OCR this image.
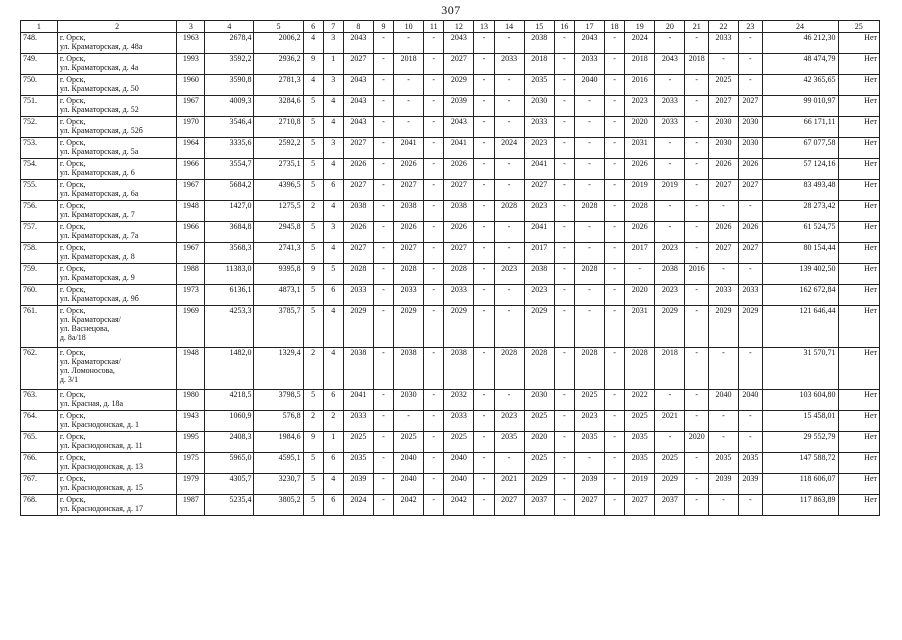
307
1	2	3	4	5	6	7	8	9	10	11	12	13	14	15	16	17	18	19	20	21	22	23	24	25
748.	г. Орск,
ул. Краматорская, д. 48а	1963	2678,4	2006,2	4	3	2043	-	-	-	2043	-	-	2038	-	2043	-	2024	-	-	2033	-	46 212,30	Нет
749.	г. Орск,
ул. Краматорская, д. 4а	1993	3592,2	2936,2	9	1	2027	-	2018	-	2027	-	2033	2018	-	2033	-	2018	2043	2018	-	-	48 474,79	Нет
750.	г. Орск,
ул. Краматорская, д. 50	1960	3590,8	2781,3	4	3	2043	-	-	-	2029	-	-	2035	-	2040	-	2016	-	-	2025	-	42 365,65	Нет
751.	г. Орск,
ул. Краматорская, д. 52	1967	4009,3	3284,6	5	4	2043	-	-	-	2039	-	-	2030	-	-	-	2023	2033	-	2027	2027	99 010,97	Нет
752.	г. Орск,
ул. Краматорская, д. 52б	1970	3546,4	2710,8	5	4	2043	-	-	-	2043	-	-	2033	-	-	-	2020	2033	-	2030	2030	66 171,11	Нет
753.	г. Орск,
ул. Краматорская, д. 5а	1964	3335,6	2592,2	5	3	2027	-	2041	-	2041	-	2024	2023	-	-	-	2031	-	-	2030	2030	67 077,58	Нет
754.	г. Орск,
ул. Краматорская, д. 6	1966	3554,7	2735,1	5	4	2026	-	2026	-	2026	-	-	2041	-	-	-	2026	-	-	2026	2026	57 124,16	Нет
755.	г. Орск,
ул. Краматорская, д. 6а	1967	5684,2	4396,5	5	6	2027	-	2027	-	2027	-	-	2027	-	-	-	2019	2019	-	2027	2027	83 493,48	Нет
756.	г. Орск,
ул. Краматорская, д. 7	1948	1427,0	1275,5	2	4	2038	-	2038	-	2038	-	2028	2023	-	2028	-	2028	-	-	-	-	28 273,42	Нет
757.	г. Орск,
ул. Краматорская, д. 7а	1966	3684,8	2945,8	5	3	2026	-	2026	-	2026	-	-	2041	-	-	-	2026	-	-	2026	2026	61 524,75	Нет
758.	г. Орск,
ул. Краматорская, д. 8	1967	3568,3	2741,3	5	4	2027	-	2027	-	2027	-	-	2017	-	-	-	2017	2023	-	2027	2027	80 154,44	Нет
759.	г. Орск,
ул. Краматорская, д. 9	1988	11383,0	9395,8	9	5	2028	-	2028	-	2028	-	2023	2038	-	2028	-	-	2038	2016	-	-	139 402,50	Нет
760.	г. Орск,
ул. Краматорская, д. 9б	1973	6136,1	4873,1	5	6	2033	-	2033	-	2033	-	-	2023	-	-	-	2020	2023	-	2033	2033	162 672,84	Нет
761.	г. Орск,
ул. Краматорская/
ул. Васнецова,
д. 8а/18	1969	4253,3	3785,7	5	4	2029	-	2029	-	2029	-	-	2029	-	-	-	2031	2029	-	2029	2029	121 646,44	Нет
762.	г. Орск,
ул. Краматорская/
ул. Ломоносова,
д. 3/1	1948	1482,0	1329,4	2	4	2038	-	2038	-	2038	-	2028	2028	-	2028	-	2028	2018	-	-	-	31 570,71	Нет
763.	г. Орск,
ул. Красная, д. 18а	1980	4218,5	3798,5	5	6	2041	-	2030	-	2032	-	-	2030	-	2025	-	2022	-	-	2040	2040	103 604,80	Нет
764.	г. Орск,
ул. Краснодонская, д. 1	1943	1060,9	576,8	2	2	2033	-	-	-	2033	-	2023	2025	-	2023	-	2025	2021	-	-	-	15 458,01	Нет
765.	г. Орск,
ул. Краснодонская, д. 11	1995	2408,3	1984,6	9	1	2025	-	2025	-	2025	-	2035	2020	-	2035	-	2035	-	2020	-	-	29 552,79	Нет
766.	г. Орск,
ул. Краснодонская, д. 13	1975	5965,0	4595,1	5	6	2035	-	2040	-	2040	-	-	2025	-	-	-	2035	2025	-	2035	2035	147 588,72	Нет
767.	г. Орск,
ул. Краснодонская, д. 15	1979	4305,7	3230,7	5	4	2039	-	2040	-	2040	-	2021	2029	-	2039	-	2019	2029	-	2039	2039	118 606,07	Нет
768.	г. Орск,
ул. Краснодонская, д. 17	1987	5235,4	3805,2	5	6	2024	-	2042	-	2042	-	2027	2037	-	2027	-	2027	2037	-	-	-	117 863,89	Нет
